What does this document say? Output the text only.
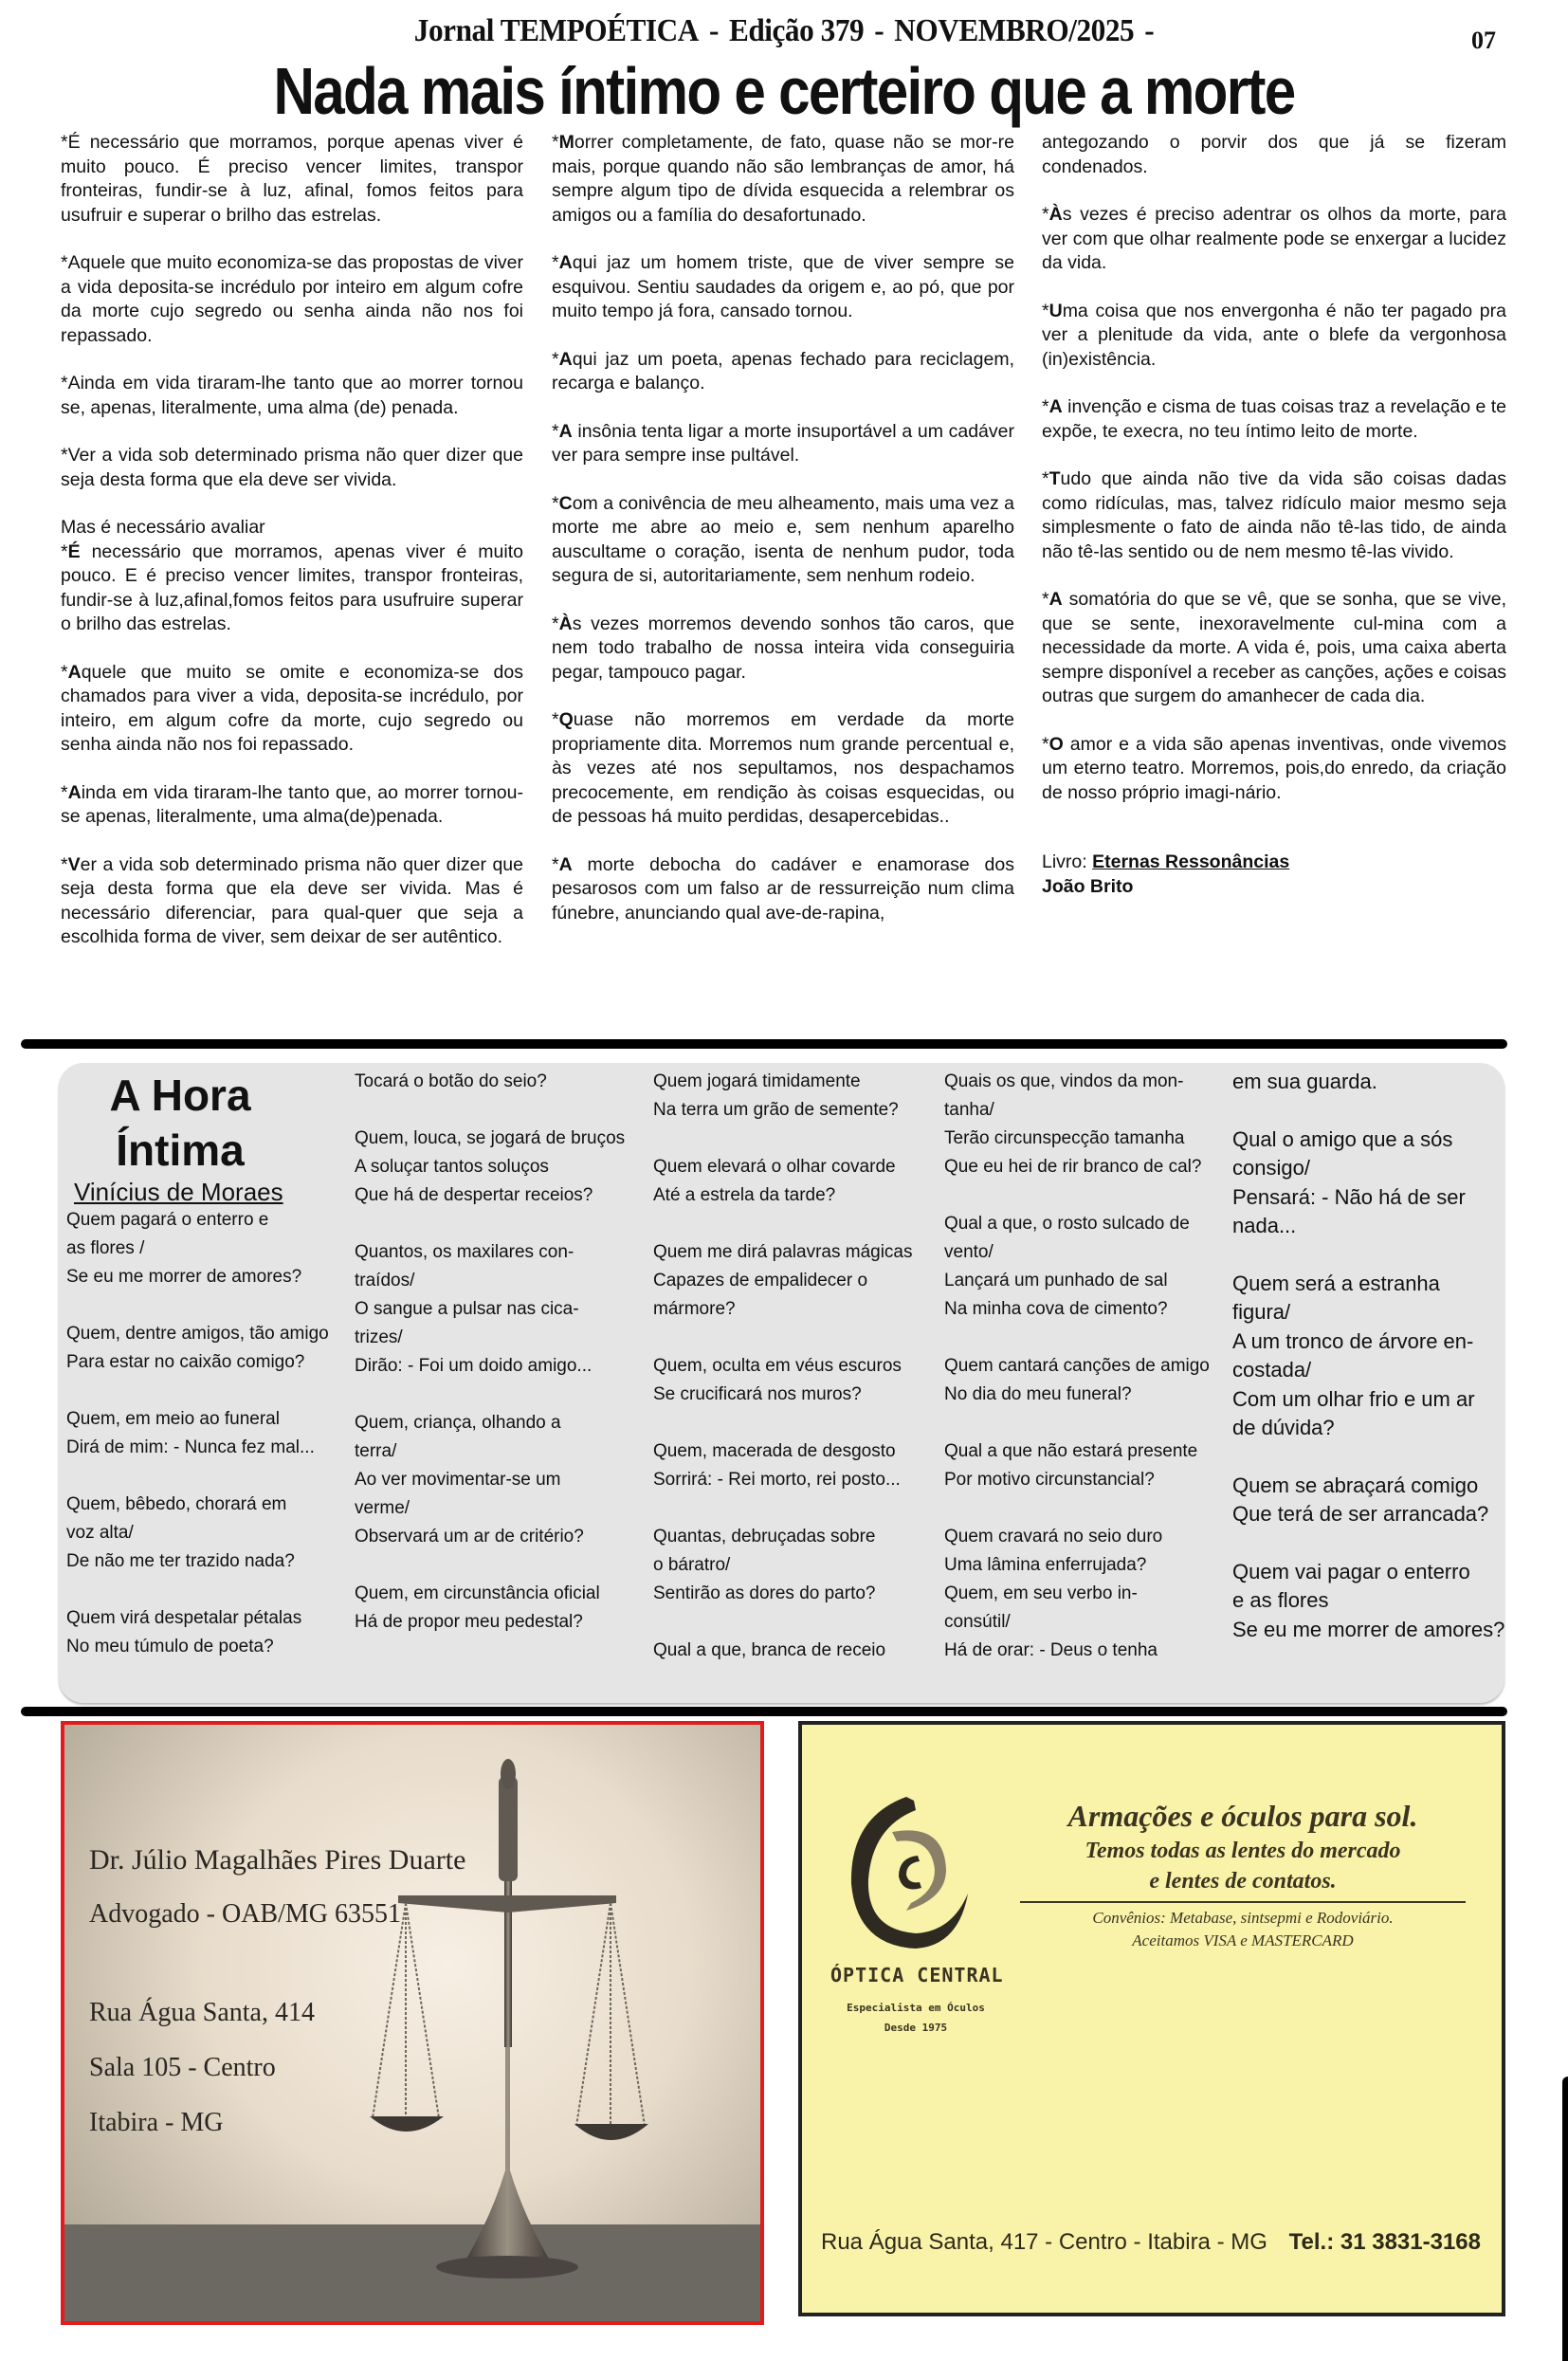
Jornal TEMPOÉTICA - Edição 379 - NOVEMBRO/2025 -	07
Nada mais íntimo e certeiro que a morte

*É necessário que morramos, porque apenas viver é muito pouco. É preciso vencer limites, transpor fronteiras, fundir-se à luz, afinal, fomos feitos para usufruir e superar o brilho das estrelas.

*Aquele que muito economiza-se das propostas de viver a vida deposita-se incrédulo por inteiro em algum cofre da morte cujo segredo ou senha ainda não nos foi repassado.

*Ainda em vida tiraram-lhe tanto que ao morrer tornou se, apenas, literalmente, uma alma (de) penada.

*Ver a vida sob determinado prisma não quer dizer que seja desta forma que ela deve ser vivida.

Mas é necessário avaliar

*É necessário que morramos, apenas viver é muito pouco. E é preciso vencer limites, transpor fronteiras, fundir-se à luz,afinal,fomos feitos para usufruire superar o brilho das estrelas.

*Aquele que muito se omite e economiza-se dos chamados para viver a vida, deposita-se incrédulo, por inteiro, em algum cofre da morte, cujo segredo ou senha ainda não nos foi repassado.

*Ainda em vida tiraram-lhe tanto que, ao morrer tornou-se apenas, literalmente, uma alma(de)penada.

*Ver a vida sob determinado prisma não quer dizer que seja desta forma que ela deve ser vivida. Mas é necessário diferenciar, para qual-quer que seja a escolhida forma de viver, sem deixar de ser autêntico.

*Morrer completamente, de fato, quase não se mor-re mais, porque quando não são lembranças de amor, há sempre algum tipo de dívida esquecida a relembrar os amigos ou a família do desafortunado.

*Aqui jaz um homem triste, que de viver sempre se esquivou. Sentiu saudades da origem e, ao pó, que por muito tempo já fora, cansado tornou.

*Aqui jaz um poeta, apenas fechado para reciclagem, recarga e balanço.

*A insônia tenta ligar a morte insuportável a um cadáver ver para sempre inse pultável.

*Com a conivência de meu alheamento, mais uma vez a morte me abre ao meio e, sem nenhum aparelho auscultame o coração, isenta de nenhum pudor, toda segura de si, autoritariamente, sem nenhum rodeio.

*Às vezes morremos devendo sonhos tão caros, que nem todo trabalho de nossa inteira vida conseguiria pegar, tampouco pagar.

*Quase não morremos em verdade da morte propriamente dita. Morremos num grande percentual e, às vezes até nos sepultamos, nos despachamos precocemente, em rendição às coisas esquecidas, ou de pessoas há muito perdidas, desapercebidas..

*A morte debocha do cadáver e enamorase dos pesarosos com um falso ar de ressurreição num clima fúnebre, anunciando qual ave-de-rapina,

antegozando o porvir dos que já se fizeram condenados.

*Às vezes é preciso adentrar os olhos da morte, para ver com que olhar realmente pode se enxergar a lucidez da vida.

*Uma coisa que nos envergonha é não ter pagado pra ver a plenitude da vida, ante o blefe da vergonhosa (in)existência.

*A invenção e cisma de tuas coisas traz a revelação e te expõe, te execra, no teu íntimo leito de morte.

*Tudo que ainda não tive da vida são coisas dadas como ridículas, mas, talvez ridículo maior mesmo seja simplesmente o fato de ainda não tê-las tido, de ainda não tê-las sentido ou de nem mesmo tê-las vivido.

*A somatória do que se vê, que se sonha, que se vive, que se sente, inexoravelmente cul-mina com a necessidade da morte. A vida é, pois, uma caixa aberta sempre disponível a receber as canções, ações e coisas outras que surgem do amanhecer de cada dia.

*O amor e a vida são apenas inventivas, onde vivemos um eterno teatro. Morremos, pois,do enredo, da criação de nosso próprio imagi-nário.

Livro: Eternas Ressonâncias
João Brito
A Hora
Íntima
Vinícius de Moraes
Quem pagará o enterro e
as flores /
Se eu me morrer de amores?
Quem, dentre amigos, tão amigo
Para estar no caixão comigo?
Quem, em meio ao funeral
Dirá de mim: - Nunca fez mal...
Quem, bêbedo, chorará em
voz alta/
De não me ter trazido nada?
Quem virá despetalar pétalas
No meu túmulo de poeta?
Tocará o botão do seio?
Quem, louca, se jogará de bruços
A soluçar tantos soluços
Que há de despertar receios?
Quantos, os maxilares con-
traídos/
O sangue a pulsar nas cica-
trizes/
Dirão: - Foi um doido amigo...
Quem, criança, olhando a
terra/
Ao ver movimentar-se um
verme/
Observará um ar de critério?
Quem, em circunstância oficial
Há de propor meu pedestal?
Quem jogará timidamente
Na terra um grão de semente?
Quem elevará o olhar covarde
Até a estrela da tarde?
Quem me dirá palavras mágicas
Capazes de empalidecer o
mármore?
Quem, oculta em véus escuros
Se crucificará nos muros?
Quem, macerada de desgosto
Sorrirá: - Rei morto, rei posto...
Quantas, debruçadas sobre
o báratro/
Sentirão as dores do parto?
Qual a que, branca de receio
Quais os que, vindos da mon-
tanha/
Terão circunspecção tamanha
Que eu hei de rir branco de cal?
Qual a que, o rosto sulcado de
vento/
Lançará um punhado de sal
Na minha cova de cimento?
Quem cantará canções de amigo
No dia do meu funeral?
Qual a que não estará presente
Por motivo circunstancial?
Quem cravará no seio duro
Uma lâmina enferrujada?
Quem, em seu verbo in-
consútil/
Há de orar: - Deus o tenha
em sua guarda.
Qual o amigo que a sós
consigo/
Pensará: - Não há de ser
nada...
Quem será a estranha
figura/
A um tronco de árvore en-
costada/
Com um olhar frio e um ar
de dúvida?
Quem se abraçará comigo
Que terá de ser arrancada?
Quem vai pagar o enterro
e as flores
Se eu me morrer de amores?
Dr. Júlio Magalhães Pires Duarte
Advogado - OAB/MG 63551
Rua Água Santa, 414
Sala 105 - Centro
Itabira - MG
ÓPTICA CENTRAL
Especialista em Óculos
Desde 1975
Armações e óculos para sol.
Temos todas as lentes do mercado
e lentes de contatos.
Convênios: Metabase, sintsepmi e Rodoviário.
Aceitamos VISA e MASTERCARD
Rua Água Santa, 417 - Centro - Itabira - MG Tel.: 31 3831-3168
